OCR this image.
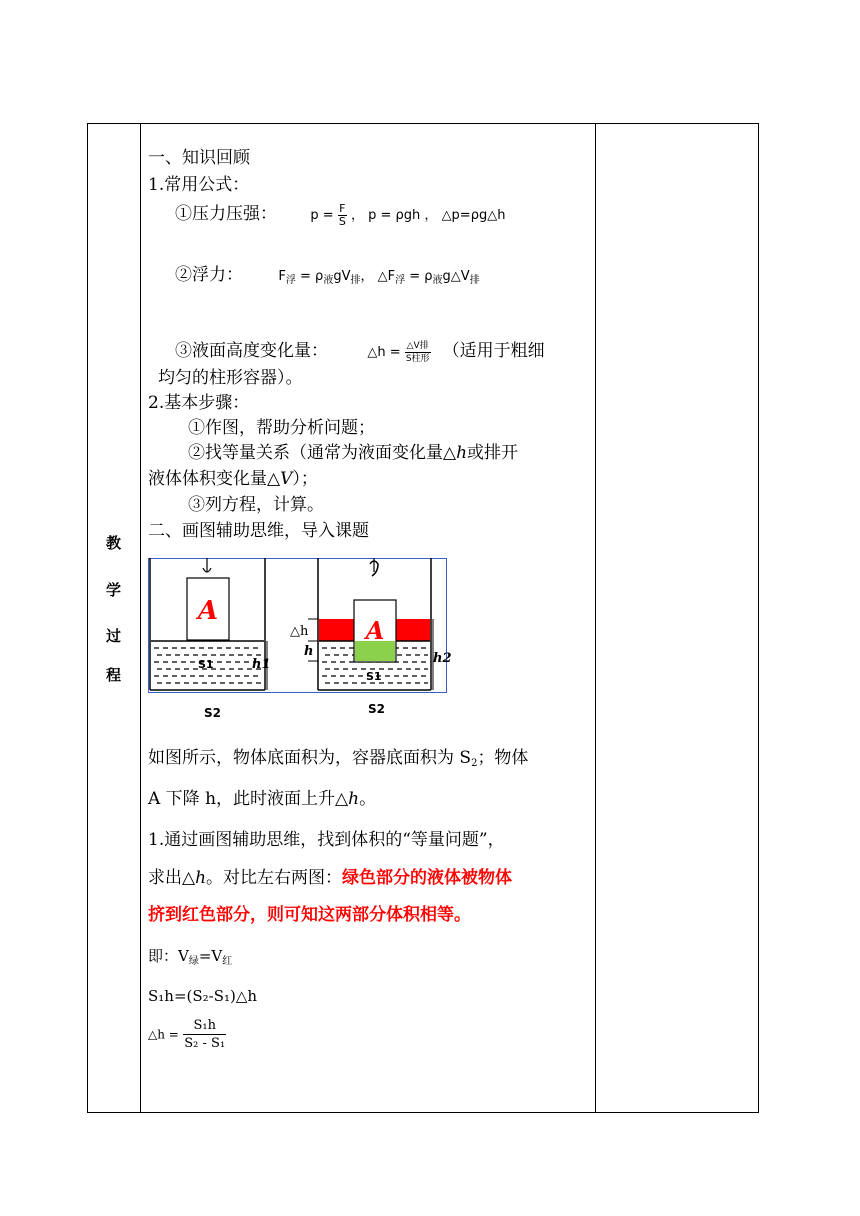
教
学
过
程
一、知识回顾
1.常用公式：
①压力压强：	$p = \frac{F}{S}$ ， p = ρgh ， △p=ρg△h
②浮力：	$F_浮 = \rho_液gV_排$， $\triangle F_浮$ = $\rho_液g\triangle V_排$
③液面高度变化量：	△h = $\frac{\text{△V排}}{\text{S柱形}}$ （适用于粗细
均匀的柱形容器）。
2.基本步骤：
①作图，帮助分析问题；
②找等量关系（通常为液面变化量△h或排开
液体体积变化量△V）；
③列方程，计算。
二、画图辅助思维，导入课题
A
S1	h1
S2
A
S1
△h
h	h2
S2
如图所示，物体底面积为，容器底面积为 $S_2$；物体
A 下降 h，此时液面上升△h。
1.通过画图辅助思维，找到体积的“等量问题”，
求出△h。对比左右两图：绿色部分的液体被物体
挤到红色部分，则可知这两部分体积相等。
即：$V_绿=V_红$
S₁h=(S₂-S₁)△h
△h = $\frac{\text{S₁h}}{\text{S₂ - S₁}}$
